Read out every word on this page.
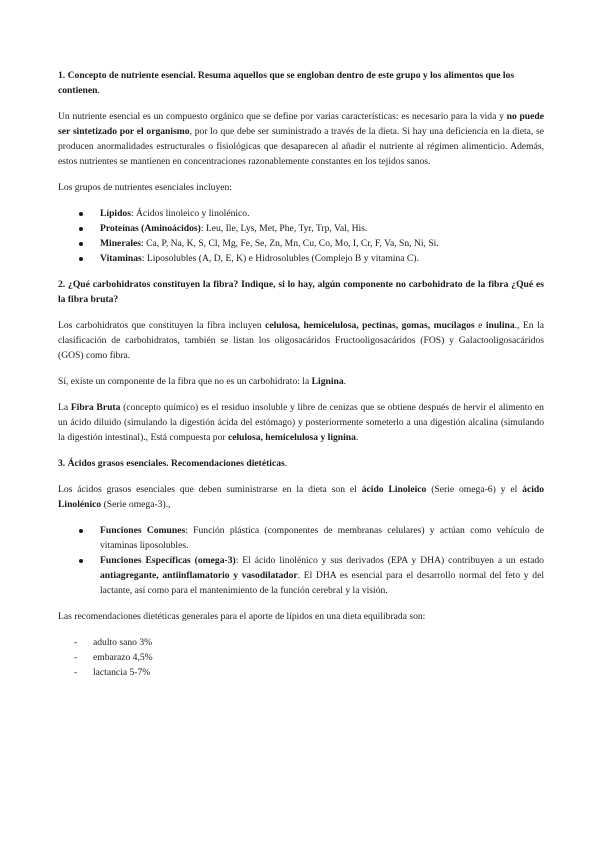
1. Concepto de nutriente esencial. Resuma aquellos que se engloban dentro de este grupo y los alimentos que los
contienen.

Un nutriente esencial es un compuesto orgánico que se define por varias características: es necesario para la vida y no puede ser sintetizado por el organismo, por lo que debe ser suministrado a través de la dieta. Si hay una deficiencia en la dieta, se producen anormalidades estructurales o fisiológicas que desaparecen al añadir el nutriente al régimen alimenticio. Además, estos nutrientes se mantienen en concentraciones razonablemente constantes en los tejidos sanos.

Los grupos de nutrientes esenciales incluyen:

Lípidos: Ácidos linoleico y linolénico.
Proteínas (Aminoácidos): Leu, Ile, Lys, Met, Phe, Tyr, Trp, Val, His.
Minerales: Ca, P, Na, K, S, Cl, Mg, Fe, Se, Zn, Mn, Cu, Co, Mo, I, Cr, F, Va, Sn, Ni, Si.
Vitaminas: Liposolubles (A, D, E, K) e Hidrosolubles (Complejo B y vitamina C).

2. ¿Qué carbohidratos constituyen la fibra? Indique, si lo hay, algún componente no carbohidrato de la fibra ¿Qué es la fibra bruta?

Los carbohidratos que constituyen la fibra incluyen celulosa, hemicelulosa, pectinas, gomas, mucílagos e inulina., En la clasificación de carbohidratos, también se listan los oligosacáridos Fructooligosacáridos (FOS) y Galactooligosacáridos (GOS) como fibra.

Sí, existe un componente de la fibra que no es un carbohidrato: la Lignina.

La Fibra Bruta (concepto químico) es el residuo insoluble y libre de cenizas que se obtiene después de hervir el alimento en un ácido diluido (simulando la digestión ácida del estómago) y posteriormente someterlo a una digestión alcalina (simulando la digestión intestinal)., Está compuesta por celulosa, hemicelulosa y lignina.

3. Ácidos grasos esenciales. Recomendaciones dietéticas.

Los ácidos grasos esenciales que deben suministrarse en la dieta son el ácido Linoleico (Serie omega-6) y el ácido Linolénico (Serie omega-3).,

Funciones Comunes: Función plástica (componentes de membranas celulares) y actúan como vehículo de vitaminas liposolubles.
Funciones Específicas (omega-3): El ácido linolénico y sus derivados (EPA y DHA) contribuyen a un estado antiagregante, antiinflamatorio y vasodilatador. El DHA es esencial para el desarrollo normal del feto y del lactante, así como para el mantenimiento de la función cerebral y la visión.

Las recomendaciones dietéticas generales para el aporte de lípidos en una dieta equilibrada son:

- adulto sano 3%
- embarazo 4,5%
- lactancia 5-7%
